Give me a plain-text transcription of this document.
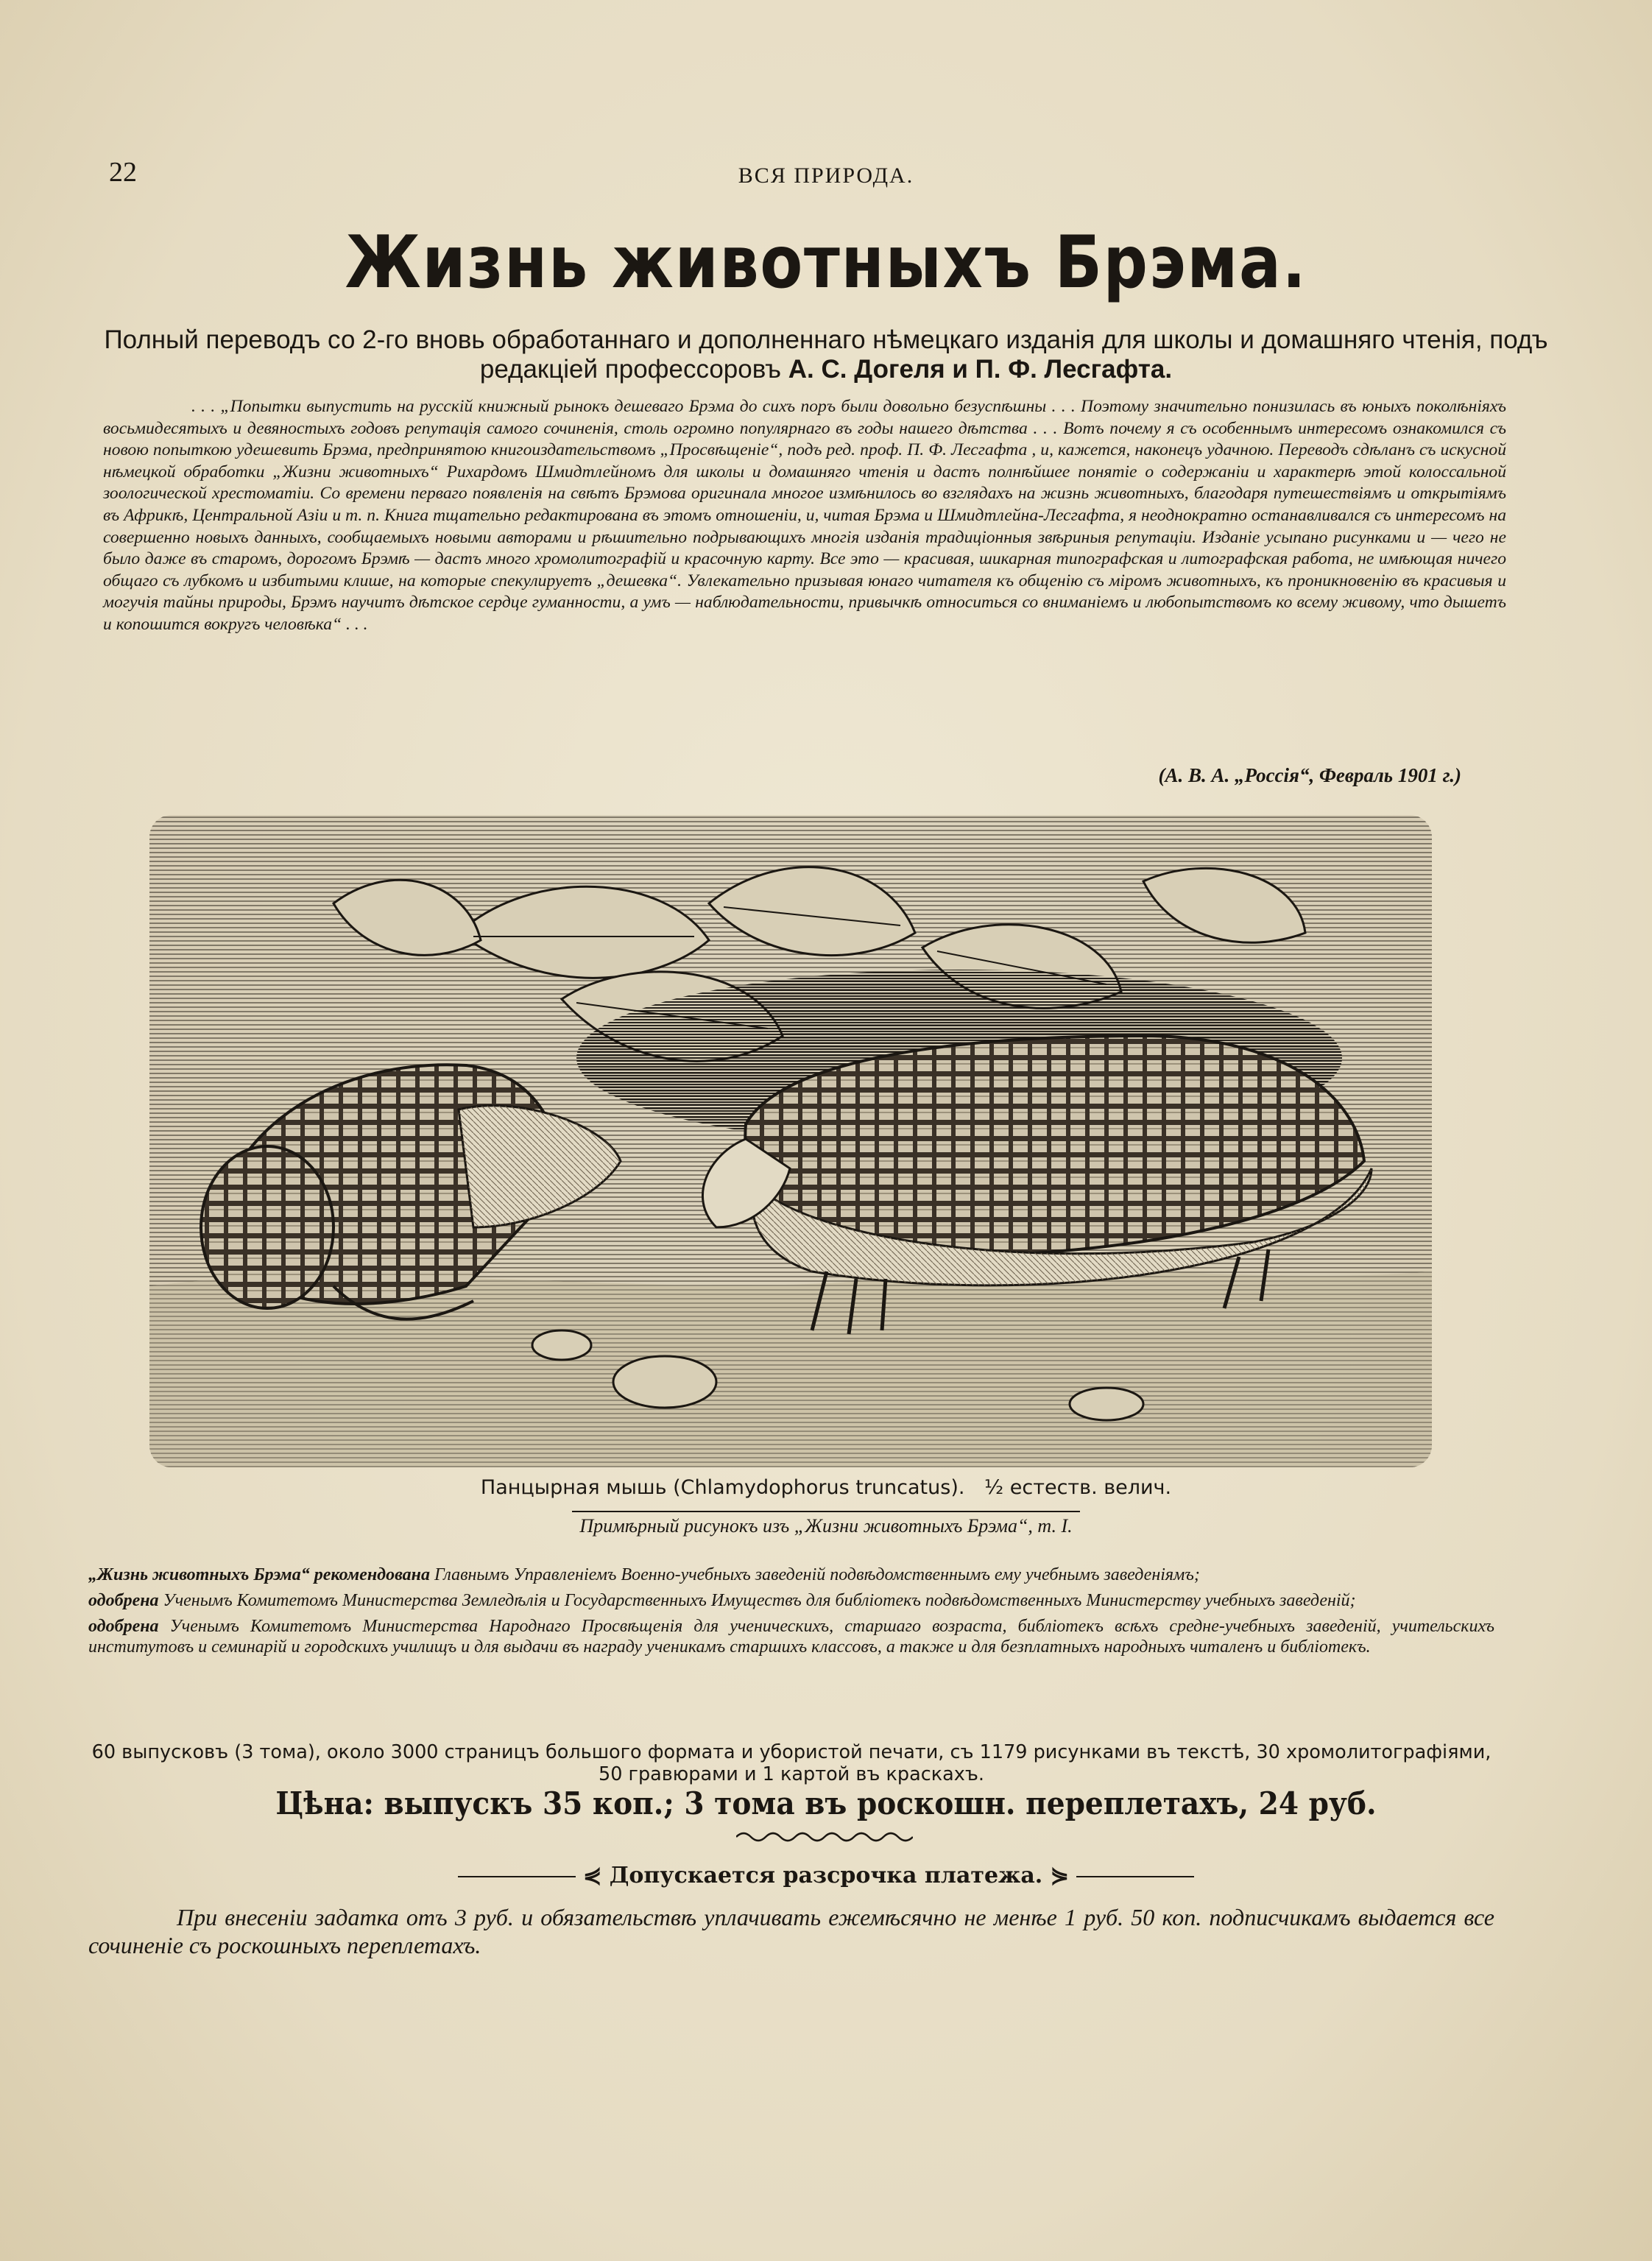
22	ВСЯ ПРИРОДА.
Жизнь животныхъ Брэма.
Полный переводъ со 2-го вновь обработаннаго и дополненнаго нѣмецкаго изданія для школы и домашняго чтенія, подъ редакціей профессоровъ А. С. Догеля и П. Ф. Лесгафта.
. . . „Попытки выпустить на русскій книжный рынокъ дешеваго Брэма до сихъ поръ были довольно безуспѣшны . . . Поэтому значительно понизилась въ юныхъ поколѣніяхъ восьмидесятыхъ и девяностыхъ годовъ репутація самого сочиненія, столь огромно популярнаго въ годы нашего дѣтства . . . Вотъ почему я съ особеннымъ интересомъ ознакомился съ новою попыткою удешевить Брэма, предпринятою книгоиздательствомъ „Просвѣщеніе“, подъ ред. проф. П. Ф. Лесгафта , и, кажется, наконецъ удачною. Переводъ сдѣланъ съ искусной нѣмецкой обработки „Жизни животныхъ“ Рихардомъ Шмидтлейномъ для школы и домашняго чтенія и дастъ полнѣйшее понятіе о содержаніи и характерѣ этой колоссальной зоологической хрестоматіи. Со времени перваго появленія на свѣтъ Брэмова оригинала многое измѣнилось во взглядахъ на жизнь животныхъ, благодаря путешествіямъ и открытіямъ въ Африкѣ, Центральной Азіи и т. п. Книга тщательно редактирована въ этомъ отношеніи, и, читая Брэма и Шмидтлейна-Лесгафта, я неоднократно останавливался съ интересомъ на совершенно новыхъ данныхъ, сообщаемыхъ новыми авторами и рѣшительно подрывающихъ многія изданія традиціонныя звѣриныя репутаціи. Изданіе усыпано рисунками и — чего не было даже въ старомъ, дорогомъ Брэмѣ — дастъ много хромолитографій и красочную карту. Все это — красивая, шикарная типографская и литографская работа, не имѣющая ничего общаго съ лубкомъ и избитыми клише, на которые спекулируетъ „дешевка“. Увлекательно призывая юнаго читателя къ общенію съ міромъ животныхъ, къ проникновенію въ красивыя и могучія тайны природы, Брэмъ научитъ дѣтское сердце гуманности, а умъ — наблюдательности, привычкѣ относиться со вниманіемъ и любопытствомъ ко всему живому, что дышетъ и копошится вокругъ человѣка“ . . .
(А. В. А. „Россія“, Февраль 1901 г.)
Панцырная мышь (Chlamydophorus truncatus). ½ естеств. велич.
Примѣрный рисунокъ изъ „Жизни животныхъ Брэма“, т. I.

„Жизнь животныхъ Брэма“ рекомендована Главнымъ Управленіемъ Военно-учебныхъ заведеній подвѣдомственнымъ ему учебнымъ заведеніямъ;

одобрена Ученымъ Комитетомъ Министерства Земледѣлія и Государственныхъ Имуществъ для библіотекъ подвѣдомственныхъ Министерству учебныхъ заведеній;

одобрена Ученымъ Комитетомъ Министерства Народнаго Просвѣщенія для ученическихъ, старшаго возраста, библіотекъ всѣхъ средне-учебныхъ заведеній, учительскихъ институтовъ и семинарій и городскихъ училищъ и для выдачи въ награду ученикамъ старшихъ классовъ, а также и для безплатныхъ народныхъ читаленъ и библіотекъ.

60 выпусковъ (3 тома), около 3000 страницъ большого формата и убористой печати, съ 1179 рисунками въ текстѣ, 30 хромолитографіями, 50 гравюрами и 1 картой въ краскахъ.
Цѣна: выпускъ 35 коп.; 3 тома въ роскошн. переплетахъ, 24 руб.
⋞ Допускается разсрочка платежа. ⋟
При внесеніи задатка отъ 3 руб. и обязательствѣ уплачивать ежемѣсячно не менѣе 1 руб. 50 коп. подписчикамъ выдается все сочиненіе съ роскошныхъ переплетахъ.
